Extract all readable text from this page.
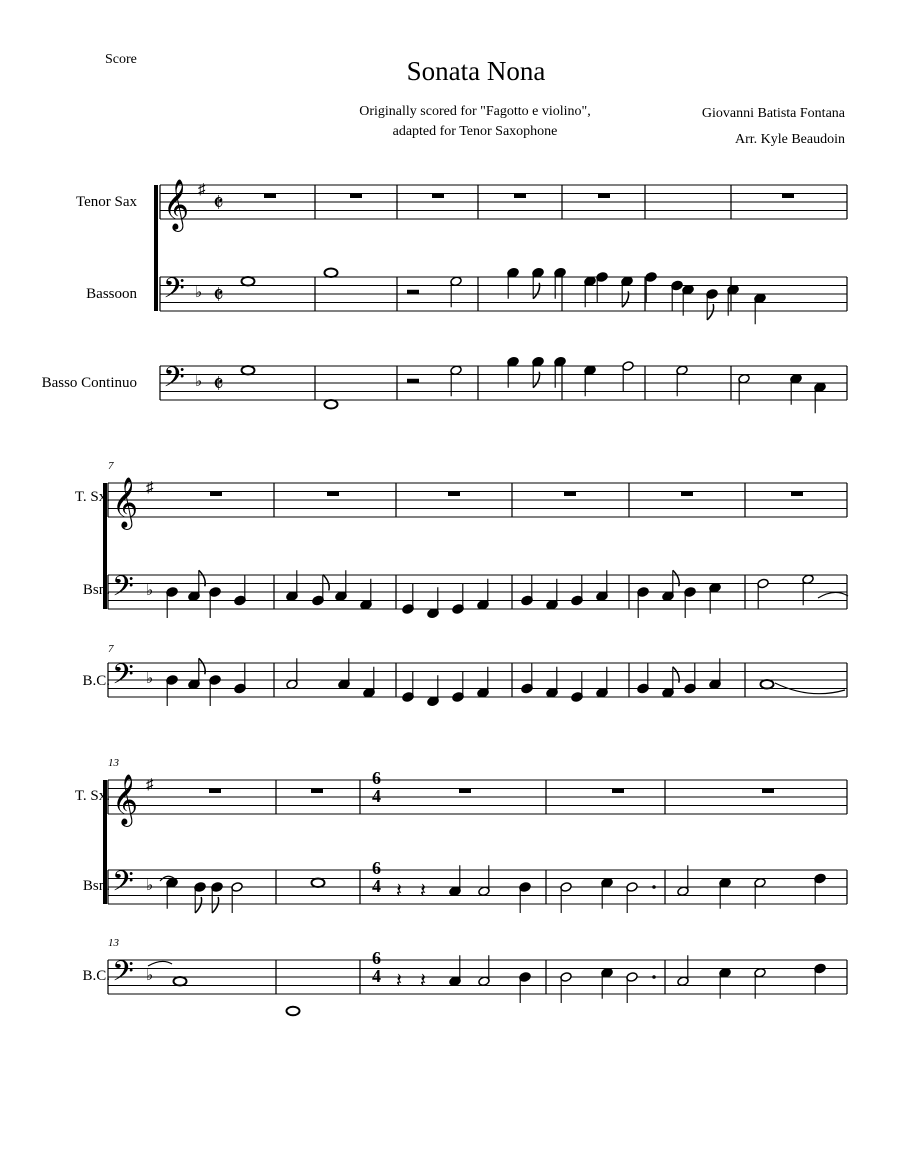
Score	Sonata Nona
Originally scored for "Fagotto e violino",
adapted for Tenor Saxophone
Giovanni Batista Fontana
Arr. Kyle Beaudoin
Tenor Sax
Bassoon
Basso Continuo
7
7
T. Sx.
Bsn.
B.C.
13
13
T. Sx.
Bsn.
B.C.
6
4
6
4
6
4
𝄞 ♯
𝄵
𝄢 ♭ 𝄵
𝄢 ♭ 𝄵
𝄞 ♯
𝄢 ♭
𝄢 ♭
𝄞 ♯
𝄢 ♭
𝄢 ♭
𝄽 𝄽
𝄽 𝄽
